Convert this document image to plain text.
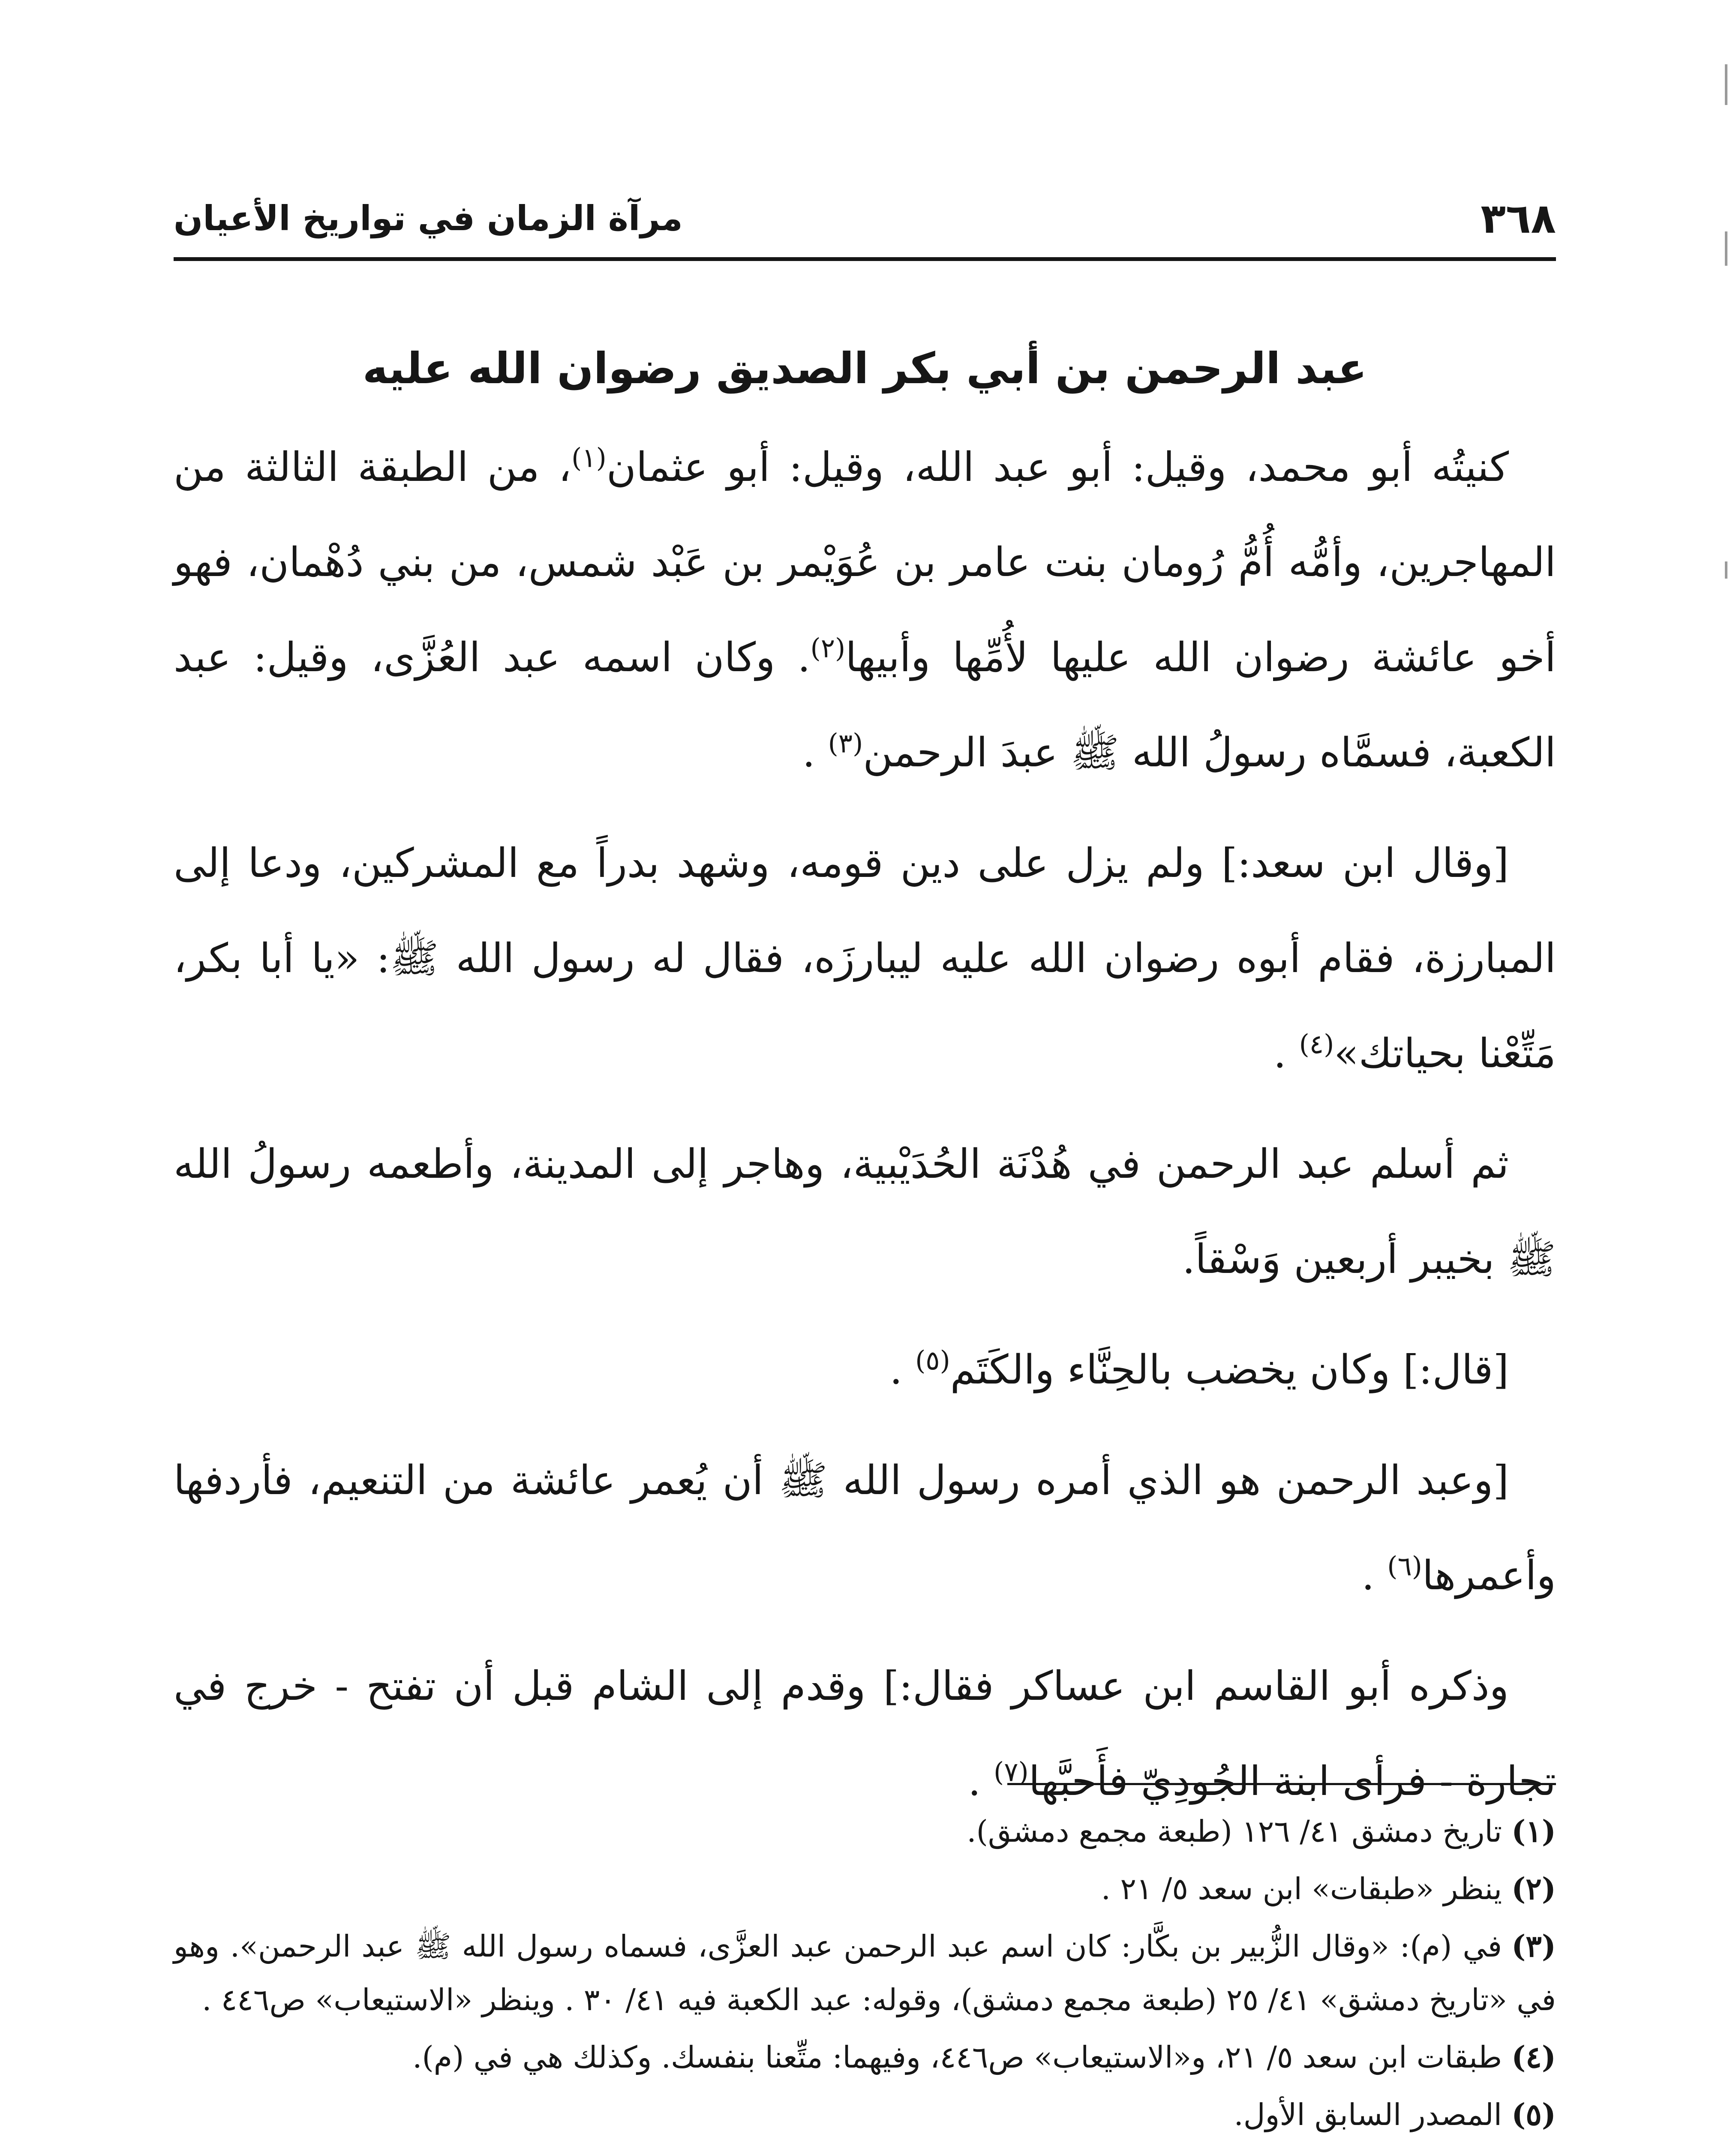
٣٦٨
مرآة الزمان في تواريخ الأعيان
عبد الرحمن بن أبي بكر الصديق رضوان الله عليه

كنيتُه أبو محمد، وقيل: أبو عبد الله، وقيل: أبو عثمان$^{(١)}$، من الطبقة الثالثة من المهاجرين، وأمُّه أُمُّ رُومان بنت عامر بن عُوَيْمر بن عَبْد شمس، من بني دُهْمان، فهو أخو عائشة رضوان الله عليها لأُمِّها وأبيها$^{(٢)}$. وكان اسمه عبد العُزَّى، وقيل: عبد الكعبة، فسمَّاه رسولُ الله ﷺ عبدَ الرحمن$^{(٣)}$ .

[وقال ابن سعد:] ولم يزل على دين قومه، وشهد بدراً مع المشركين، ودعا إلى المبارزة، فقام أبوه رضوان الله عليه ليبارزَه، فقال له رسول الله ﷺ: «يا أبا بكر، مَتِّعْنا بحياتك»$^{(٤)}$ .

ثم أسلم عبد الرحمن في هُدْنَة الحُدَيْبية، وهاجر إلى المدينة، وأطعمه رسولُ الله ﷺ بخيبر أربعين وَسْقاً.

[قال:] وكان يخضب بالحِنَّاء والكَتَم$^{(٥)}$ .

[وعبد الرحمن هو الذي أمره رسول الله ﷺ أن يُعمر عائشة من التنعيم، فأردفها وأعمرها$^{(٦)}$ .

وذكره أبو القاسم ابن عساكر فقال:] وقدم إلى الشام قبل أن تفتح - خرج في تجارة - فرأى ابنة الجُودِيّ فأَحبَّها$^{(٧)}$ .

(١)تاريخ دمشق ٤١/ ١٢٦ (طبعة مجمع دمشق).
(٢)ينظر «طبقات» ابن سعد ٥/ ٢١ .
(٣)في (م): «وقال الزُّبير بن بكَّار: كان اسم عبد الرحمن عبد العزَّى، فسماه رسول الله ﷺ عبد الرحمن». وهو في «تاريخ دمشق» ٤١/ ٢٥ (طبعة مجمع دمشق)، وقوله: عبد الكعبة فيه ٤١/ ٣٠ . وينظر «الاستيعاب» ص٤٤٦ .
(٤)طبقات ابن سعد ٥/ ٢١، و«الاستيعاب» ص٤٤٦، وفيهما: متِّعنا بنفسك. وكذلك هي في (م).
(٥)المصدر السابق الأول.
